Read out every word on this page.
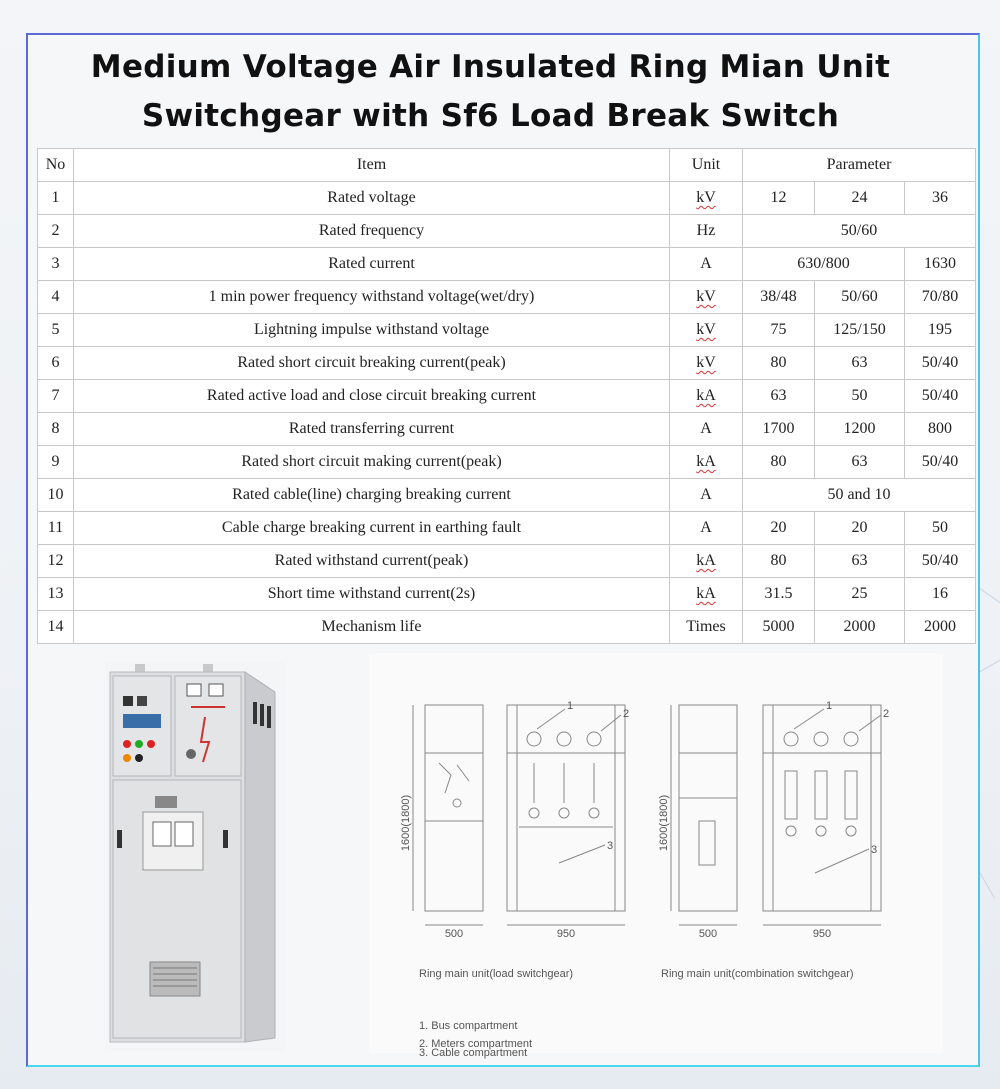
Medium Voltage Air Insulated Ring Mian Unit
Switchgear with Sf6 Load Break Switch
No	Item	Unit	Parameter		
1	Rated voltage	kV	12	24	36
2	Rated frequency	Hz	50/60		
3	Rated current	A	630/800		1630
4	1 min power frequency withstand voltage(wet/dry)	kV	38/48	50/60	70/80
5	Lightning impulse withstand voltage	kV	75	125/150	195
6	Rated short circuit breaking current(peak)	kV	80	63	50/40
7	Rated active load and close circuit breaking current	kA	63	50	50/40
8	Rated transferring current	A	1700	1200	800
9	Rated short circuit making current(peak)	kA	80	63	50/40
10	Rated cable(line) charging breaking current	A	50 and 10		
11	Cable charge breaking current in earthing fault	A	20	20	50
12	Rated withstand current(peak)	kA	80	63	50/40
13	Short time withstand current(2s)	kA	31.5	25	16
14	Mechanism life	Times	5000	2000	2000
1600(1800)	1600(1800)
500	950	500	950
1
2
3
1
2
3
Ring main unit(load switchgear)	Ring main unit(combination switchgear)
1. Bus compartment
2. Meters compartment
3. Cable compartment
